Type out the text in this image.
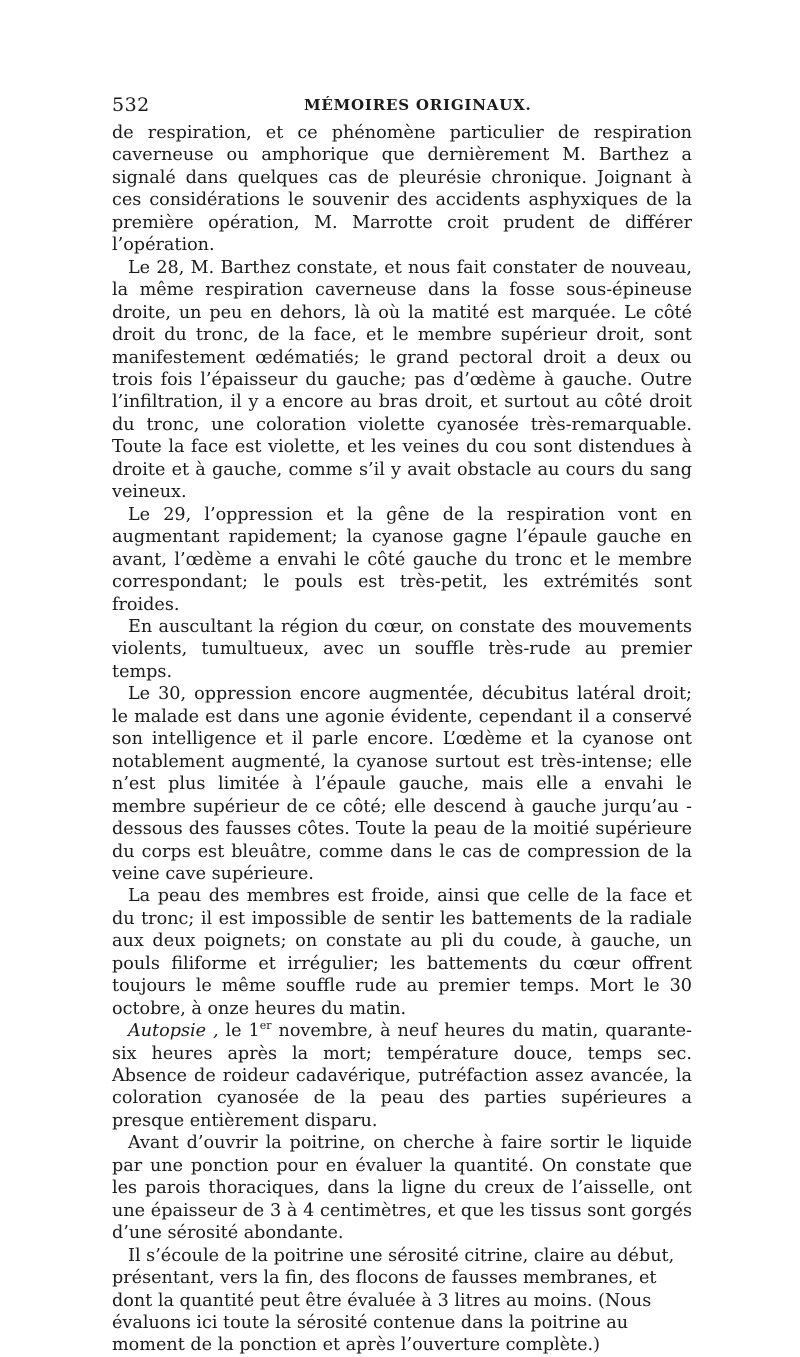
532	MÉMOIRES ORIGINAUX.

de respiration, et ce phénomène particulier de respiration caverneuse ou amphorique que dernièrement M. Barthez a signalé dans quelques cas de pleurésie chronique. Joignant à ces considérations le souvenir des accidents asphyxiques de la première opération, M. Marrotte croit prudent de différer l’opération.

Le 28, M. Barthez constate, et nous fait constater de nouveau, la même respiration caverneuse dans la fosse sous-épineuse droite, un peu en dehors, là où la matité est marquée. Le côté droit du tronc, de la face, et le membre supérieur droit, sont manifestement œdématiés; le grand pectoral droit a deux ou trois fois l’épaisseur du gauche; pas d’œdème à gauche. Outre l’infiltration, il y a encore au bras droit, et surtout au côté droit du tronc, une coloration violette cyanosée très-remarquable. Toute la face est violette, et les veines du cou sont distendues à droite et à gauche, comme s’il y avait obstacle au cours du sang veineux.

Le 29, l’oppression et la gêne de la respiration vont en augmentant rapidement; la cyanose gagne l’épaule gauche en avant, l’œdème a envahi le côté gauche du tronc et le membre correspondant; le pouls est très-petit, les extrémités sont froides.

En auscultant la région du cœur, on constate des mouvements violents, tumultueux, avec un souffle très-rude au premier temps.

Le 30, oppression encore augmentée, décubitus latéral droit; le malade est dans une agonie évidente, cependant il a conservé son intelligence et il parle encore. L’œdème et la cyanose ont notablement augmenté, la cyanose surtout est très-intense; elle n’est plus limitée à l’épaule gauche, mais elle a envahi le membre supérieur de ce côté; elle descend à gauche jurqu’au - dessous des fausses côtes. Toute la peau de la moitié supérieure du corps est bleuâtre, comme dans le cas de compression de la veine cave supérieure.

La peau des membres est froide, ainsi que celle de la face et du tronc; il est impossible de sentir les battements de la radiale aux deux poignets; on constate au pli du coude, à gauche, un pouls filiforme et irrégulier; les battements du cœur offrent toujours le même souffle rude au premier temps. Mort le 30 octobre, à onze heures du matin.

Autopsie , le 1er novembre, à neuf heures du matin, quarante-six heures après la mort; température douce, temps sec. Absence de roideur cadavérique, putréfaction assez avancée, la coloration cyanosée de la peau des parties supérieures a presque entièrement disparu.

Avant d’ouvrir la poitrine, on cherche à faire sortir le liquide par une ponction pour en évaluer la quantité. On constate que les parois thoraciques, dans la ligne du creux de l’aisselle, ont une épaisseur de 3 à 4 centimètres, et que les tissus sont gorgés d’une sérosité abondante.

Il s’écoule de la poitrine une sérosité citrine, claire au début, présentant, vers la fin, des flocons de fausses membranes, et dont la quantité peut être évaluée à 3 litres au moins. (Nous évaluons ici toute la sérosité contenue dans la poitrine au moment de la ponction et après l’ouverture complète.)
